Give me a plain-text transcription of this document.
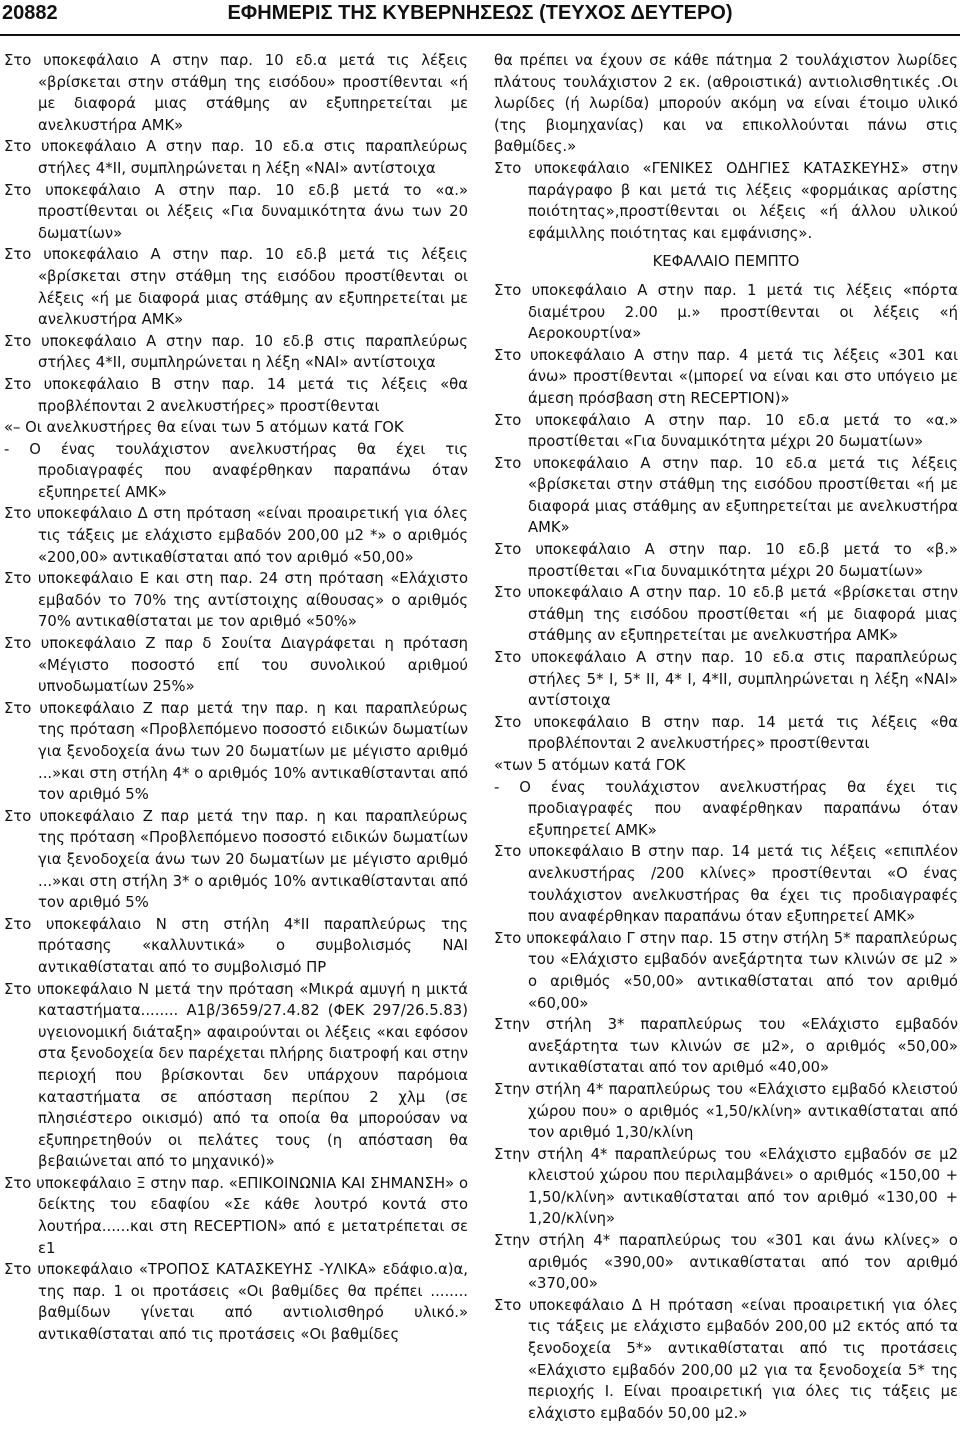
20882	ΕΦΗΜΕΡΙΣ ΤΗΣ ΚΥΒΕΡΝΗΣΕΩΣ (ΤΕΥΧΟΣ ΔΕΥΤΕΡΟ)

Στο υποκεφάλαιο Α στην παρ. 10 εδ.α μετά τις λέξεις «βρίσκεται στην στάθμη της εισόδου» προστίθενται «ή με διαφορά μιας στάθμης αν εξυπηρετείται με ανελκυστήρα ΑΜΚ»

Στο υποκεφάλαιο Α στην παρ. 10 εδ.α στις παραπλεύρως στήλες 4*ΙΙ, συμπληρώνεται η λέξη «ΝΑΙ» αντίστοιχα

Στο υποκεφάλαιο Α στην παρ. 10 εδ.β μετά το «α.» προστίθενται οι λέξεις «Για δυναμικότητα άνω των 20 δωματίων»

Στο υποκεφάλαιο Α στην παρ. 10 εδ.β μετά τις λέξεις «βρίσκεται στην στάθμη της εισόδου προστίθενται οι λέξεις «ή με διαφορά μιας στάθμης αν εξυπηρετείται με ανελκυστήρα ΑΜΚ»

Στο υποκεφάλαιο Α στην παρ. 10 εδ.β στις παραπλεύρως στήλες 4*ΙΙ, συμπληρώνεται η λέξη «ΝΑΙ» αντίστοιχα

Στο υποκεφάλαιο Β στην παρ. 14 μετά τις λέξεις «θα προβλέπονται 2 ανελκυστήρες» προστίθενται

«– Οι ανελκυστήρες θα είναι των 5 ατόμων κατά ΓΟΚ

- Ο ένας τουλάχιστον ανελκυστήρας θα έχει τις προδιαγραφές που αναφέρθηκαν παραπάνω όταν εξυπηρετεί ΑΜΚ»

Στο υποκεφάλαιο Δ στη πρόταση «είναι προαιρετική για όλες τις τάξεις με ελάχιστο εμβαδόν 200,00 μ2 *» ο αριθμός «200,00» αντικαθίσταται από τον αριθμό «50,00»

Στο υποκεφάλαιο Ε και στη παρ. 24 στη πρόταση «Ελάχιστο εμβαδόν το 70% της αντίστοιχης αίθουσας» ο αριθμός 70% αντικαθίσταται με τον αριθμό «50%»

Στο υποκεφάλαιο Ζ παρ δ Σουίτα Διαγράφεται η πρόταση «Μέγιστο ποσοστό επί του συνολικού αριθμού υπνοδωματίων 25%»

Στο υποκεφάλαιο Ζ παρ μετά την παρ. η και παραπλεύρως της πρόταση «Προβλεπόμενο ποσοστό ειδικών δωματίων για ξενοδοχεία άνω των 20 δωματίων με μέγιστο αριθμό ...»και στη στήλη 4* ο αριθμός 10% αντικαθίστανται από τον αριθμό 5%

Στο υποκεφάλαιο Ζ παρ μετά την παρ. η και παραπλεύρως της πρόταση «Προβλεπόμενο ποσοστό ειδικών δωματίων για ξενοδοχεία άνω των 20 δωματίων με μέγιστο αριθμό ...»και στη στήλη 3* ο αριθμός 10% αντικαθίστανται από τον αριθμό 5%

Στο υποκεφάλαιο Ν στη στήλη 4*ΙΙ παραπλεύρως της πρότασης «καλλυντικά» ο συμβολισμός ΝΑΙ αντικαθίσταται από το συμβολισμό ΠΡ

Στο υποκεφάλαιο Ν μετά την πρόταση «Μικρά αμυγή η μικτά καταστήματα........ Α1β/3659/27.4.82 (ΦΕΚ 297/26.5.83) υγειονομική διάταξη» αφαιρούνται οι λέξεις «και εφόσον στα ξενοδοχεία δεν παρέχεται πλήρης διατροφή και στην περιοχή που βρίσκονται δεν υπάρχουν παρόμοια καταστήματα σε απόσταση περίπου 2 χλμ (σε πλησιέστερο οικισμό) από τα οποία θα μπορούσαν να εξυπηρετηθούν οι πελάτες τους (η απόσταση θα βεβαιώνεται από το μηχανικό)»

Στο υποκεφάλαιο Ξ στην παρ. «ΕΠΙΚΟΙΝΩΝΙΑ ΚΑΙ ΣΗΜΑΝΣΗ» ο δείκτης του εδαφίου «Σε κάθε λουτρό κοντά στο λουτήρα......και στη RECEPTION» από ε μετατρέπεται σε ε1

Στο υποκεφάλαιο «ΤΡΟΠΟΣ ΚΑΤΑΣΚΕΥΗΣ -ΥΛΙΚΑ» εδάφιο.α)α, της παρ. 1 οι προτάσεις «Οι βαθμίδες θα πρέπει ........ βαθμίδων γίνεται από αντιολισθηρό υλικό.» αντικαθίσταται από τις προτάσεις «Οι βαθμίδες

θα πρέπει να έχουν σε κάθε πάτημα 2 τουλάχιστον λωρίδες πλάτους τουλάχιστον 2 εκ. (αθροιστικά) αντιολισθητικές .Οι λωρίδες (ή λωρίδα) μπορούν ακόμη να είναι έτοιμο υλικό (της βιομηχανίας) και να επικολλούνται πάνω στις βαθμίδες.»

Στο υποκεφάλαιο «ΓΕΝΙΚΕΣ ΟΔΗΓΙΕΣ ΚΑΤΑΣΚΕΥΗΣ» στην παράγραφο β και μετά τις λέξεις «φορμάικας αρίστης ποιότητας»,προστίθενται οι λέξεις «ή άλλου υλικού εφάμιλλης ποιότητας και εμφάνισης».

ΚΕΦΑΛΑΙΟ ΠΕΜΠΤΟ

Στο υποκεφάλαιο Α στην παρ. 1 μετά τις λέξεις «πόρτα διαμέτρου 2.00 μ.» προστίθενται οι λέξεις «ή Αεροκουρτίνα»

Στο υποκεφάλαιο Α στην παρ. 4 μετά τις λέξεις «301 και άνω» προστίθενται «(μπορεί να είναι και στο υπόγειο με άμεση πρόσβαση στη RECEPTION)»

Στο υποκεφάλαιο Α στην παρ. 10 εδ.α μετά το «α.» προστίθεται «Για δυναμικότητα μέχρι 20 δωματίων»

Στο υποκεφάλαιο Α στην παρ. 10 εδ.α μετά τις λέξεις «βρίσκεται στην στάθμη της εισόδου προστίθεται «ή με διαφορά μιας στάθμης αν εξυπηρετείται με ανελκυστήρα ΑΜΚ»

Στο υποκεφάλαιο Α στην παρ. 10 εδ.β μετά το «β.» προστίθεται «Για δυναμικότητα μέχρι 20 δωματίων»

Στο υποκεφάλαιο Α στην παρ. 10 εδ.β μετά «βρίσκεται στην στάθμη της εισόδου προστίθεται «ή με διαφορά μιας στάθμης αν εξυπηρετείται με ανελκυστήρα ΑΜΚ»

Στο υποκεφάλαιο Α στην παρ. 10 εδ.α στις παραπλεύρως στήλες 5* Ι, 5* ΙΙ, 4* Ι, 4*ΙΙ, συμπληρώνεται η λέξη «ΝΑΙ» αντίστοιχα

Στο υποκεφάλαιο Β στην παρ. 14 μετά τις λέξεις «θα προβλέπονται 2 ανελκυστήρες» προστίθενται

«των 5 ατόμων κατά ΓΟΚ

- Ο ένας τουλάχιστον ανελκυστήρας θα έχει τις προδιαγραφές που αναφέρθηκαν παραπάνω όταν εξυπηρετεί ΑΜΚ»

Στο υποκεφάλαιο Β στην παρ. 14 μετά τις λέξεις «επιπλέον ανελκυστήρας /200 κλίνες» προστίθενται «Ο ένας τουλάχιστον ανελκυστήρας θα έχει τις προδιαγραφές που αναφέρθηκαν παραπάνω όταν εξυπηρετεί ΑΜΚ»

Στο υποκεφάλαιο Γ στην παρ. 15 στην στήλη 5* παραπλεύρως του «Ελάχιστο εμβαδόν ανεξάρτητα των κλινών σε μ2 » ο αριθμός «50,00» αντικαθίσταται από τον αριθμό «60,00»

Στην στήλη 3* παραπλεύρως του «Ελάχιστο εμβαδόν ανεξάρτητα των κλινών σε μ2», ο αριθμός «50,00» αντικαθίσταται από τον αριθμό «40,00»

Στην στήλη 4* παραπλεύρως του «Ελάχιστο εμβαδό κλειστού χώρου που» ο αριθμός «1,50/κλίνη» αντικαθίσταται από τον αριθμό 1,30/κλίνη

Στην στήλη 4* παραπλεύρως του «Ελάχιστο εμβαδόν σε μ2 κλειστού χώρου που περιλαμβάνει» ο αριθμός «150,00 + 1,50/κλίνη» αντικαθίσταται από τον αριθμό «130,00 + 1,20/κλίνη»

Στην στήλη 4* παραπλεύρως του «301 και άνω κλίνες» ο αριθμός «390,00» αντικαθίσταται από τον αριθμό «370,00»

Στο υποκεφάλαιο Δ Η πρόταση «είναι προαιρετική για όλες τις τάξεις με ελάχιστο εμβαδόν 200,00 μ2 εκτός από τα ξενοδοχεία 5*» αντικαθίσταται από τις προτάσεις «Ελάχιστο εμβαδόν 200,00 μ2 για τα ξενοδοχεία 5* της περιοχής Ι. Είναι προαιρετική για όλες τις τάξεις με ελάχιστο εμβαδόν 50,00 μ2.»
